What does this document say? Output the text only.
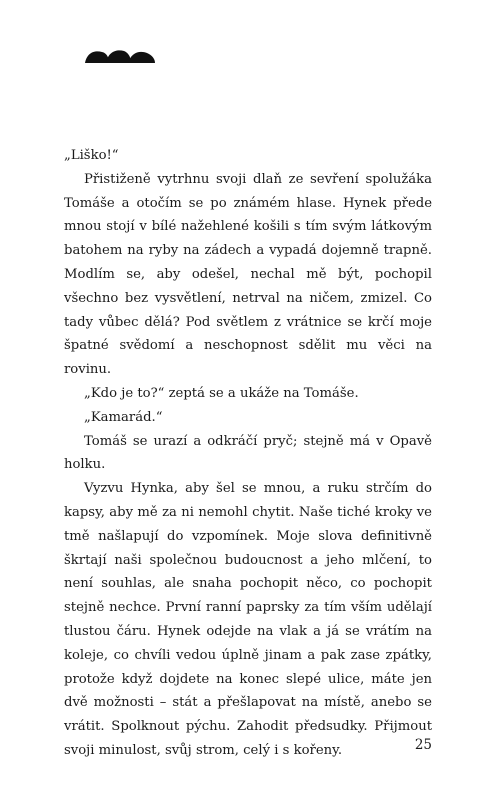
„Liško!“

Přistiženě vytrhnu svoji dlaň ze sevření spolužáka Tomáše a otočím se po známém hlase. Hynek přede mnou stojí v bílé nažehlené košili s tím svým látkovým batohem na ryby na zádech a vypadá dojemně trapně. Modlím se, aby odešel, nechal mě být, pochopil všechno bez vysvětlení, netrval na ničem, zmizel. Co tady vůbec dělá? Pod světlem z vrátnice se krčí moje špatné svědomí a neschopnost sdělit mu věci na rovinu.

„Kdo je to?“ zeptá se a ukáže na Tomáše.

„Kamarád.“

Tomáš se urazí a odkráčí pryč; stejně má v Opavě holku.

Vyzvu Hynka, aby šel se mnou, a ruku strčím do kapsy, aby mě za ni nemohl chytit. Naše tiché kroky ve tmě našlapují do vzpomínek. Moje slova definitivně škrtají naši společnou budoucnost a jeho mlčení, to není souhlas, ale snaha pochopit něco, co pochopit stejně nechce. První ranní paprsky za tím vším udělají tlustou čáru. Hynek odejde na vlak a já se vrátím na koleje, co chvíli vedou úplně jinam a pak zase zpátky, protože když dojdete na konec slepé ulice, máte jen dvě možnosti – stát a přešlapovat na místě, anebo se vrátit. Spolknout pýchu. Zahodit předsudky. Přijmout svoji minulost, svůj strom, celý i s kořeny.	25
